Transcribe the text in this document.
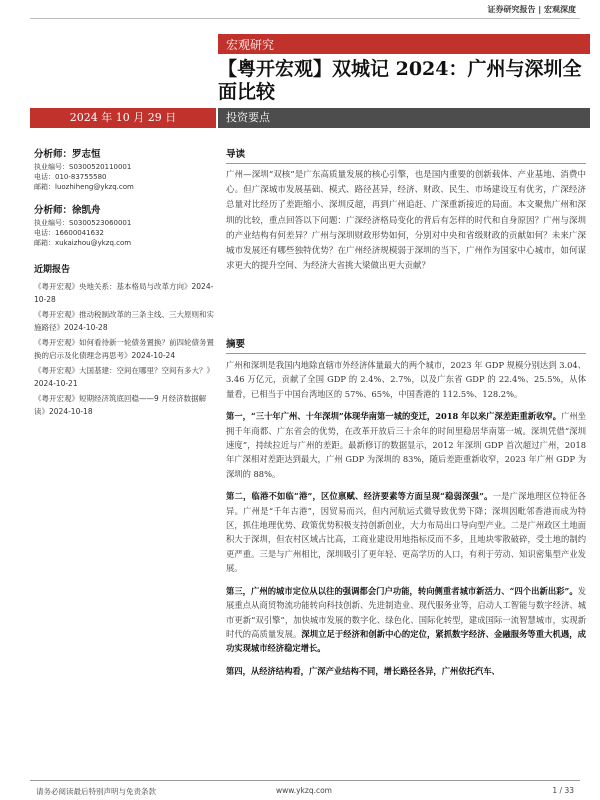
证券研究报告 | 宏观深度
宏观研究
【粤开宏观】双城记 2024：广州与深圳全面比较
2024 年 10 月 29 日	投资要点
分析师：罗志恒
执业编号：S0300520110001
电话：010-83755580
邮箱：luozhiheng@ykzq.com
分析师：徐凯舟
执业编号：S0300523060001
电话：16600041632
邮箱：xukaizhou@ykzq.com
近期报告
《粤开宏观》央地关系：基本格局与改革方向》2024-10-28
《粤开宏观》推动税制改革的三条主线、三大原则和实施路径》2024-10-28
《粤开宏观》如何看待新一轮债务置换？前四轮债务置换的启示及化债理念再思考》2024-10-24
《粤开宏观》大国基建：空间在哪里？空间有多大？》2024-10-21
《粤开宏观》短期经济筑底回稳——9 月经济数据解读》2024-10-18
导读
广州—深圳“双核”是广东高质量发展的核心引擎，也是国内重要的创新载体、产业基地、消费中心。但广深城市发展基础、模式、路径甚异，经济、财政、民生、市场建设互有优劣，广深经济总量对比经历了差距缩小、深圳反超，再到广州追赶、广深重新接近的局面。本文聚焦广州和深圳的比较，重点回答以下问题：广深经济格局变化的背后有怎样的时代和自身原因？广州与深圳的产业结构有何差异？广州与深圳财政形势如何，分别对中央和省级财政的贡献如何？未来广深城市发展还有哪些独特优势？在广州经济规模弱于深圳的当下，广州作为国家中心城市，如何谋求更大的提升空间、为经济大省挑大梁做出更大贡献？
摘要

广州和深圳是我国内地除直辖市外经济体量最大的两个城市，2023 年 GDP 规模分别达到 3.04、3.46 万亿元，贡献了全国 GDP 的 2.4%、2.7%，以及广东省 GDP 的 22.4%、25.5%，从体量看，已相当于中国台湾地区的 57%、65%，中国香港的 112.5%、128.2%。

第一，“三十年广州、十年深圳”体现华南第一城的变迁，2018 年以来广深差距重新收窄。广州坐拥千年商都、广东省会的优势，在改革开放后三十余年的时间里稳居华南第一城。深圳凭借“深圳速度”，持续拉近与广州的差距。最新修订的数据显示，2012 年深圳 GDP 首次超过广州，2018 年广深相对差距达到最大，广州 GDP 为深圳的 83%，随后差距重新收窄，2023 年广州 GDP 为深圳的 88%。

第二，临港不如临“港”，区位禀赋、经济要素等方面呈现“稳弱深强”。一是广深地理区位特征各异。广州是“千年古港”，因贸易而兴，但内河航运式微导致优势下降；深圳因毗邻香港而成为特区，抓住地理优势、政策优势积极支持创新创业，大力布局出口导向型产业。二是广州政区土地面积大于深圳，但农村区域占比高，工商业建设用地指标反而不多，且地块零散破碎，受土地的制约更严重。三是与广州相比，深圳吸引了更年轻、更高学历的人口，有利于劳动、知识密集型产业发展。

第三，广州的城市定位从以往的强调都会门户功能，转向侧重者城市新活力、“四个出新出彩”。发展重点从商贸物流功能转向科技创新、先进制造业、现代服务业等，启动人工智能与数字经济、城市更新“双引擎”，加快城市发展的数字化、绿色化、国际化转型，建成国际一流智慧城市，实现新时代的高质量发展。深圳立足于经济和创新中心的定位，紧抓数字经济、金融服务等重大机遇，成功实现城市经济稳定增长。

第四，从经济结构看，广深产业结构不同，增长路径各异，广州依托汽车、

请务必阅读最后特别声明与免责条款	www.ykzq.com	1 / 33
